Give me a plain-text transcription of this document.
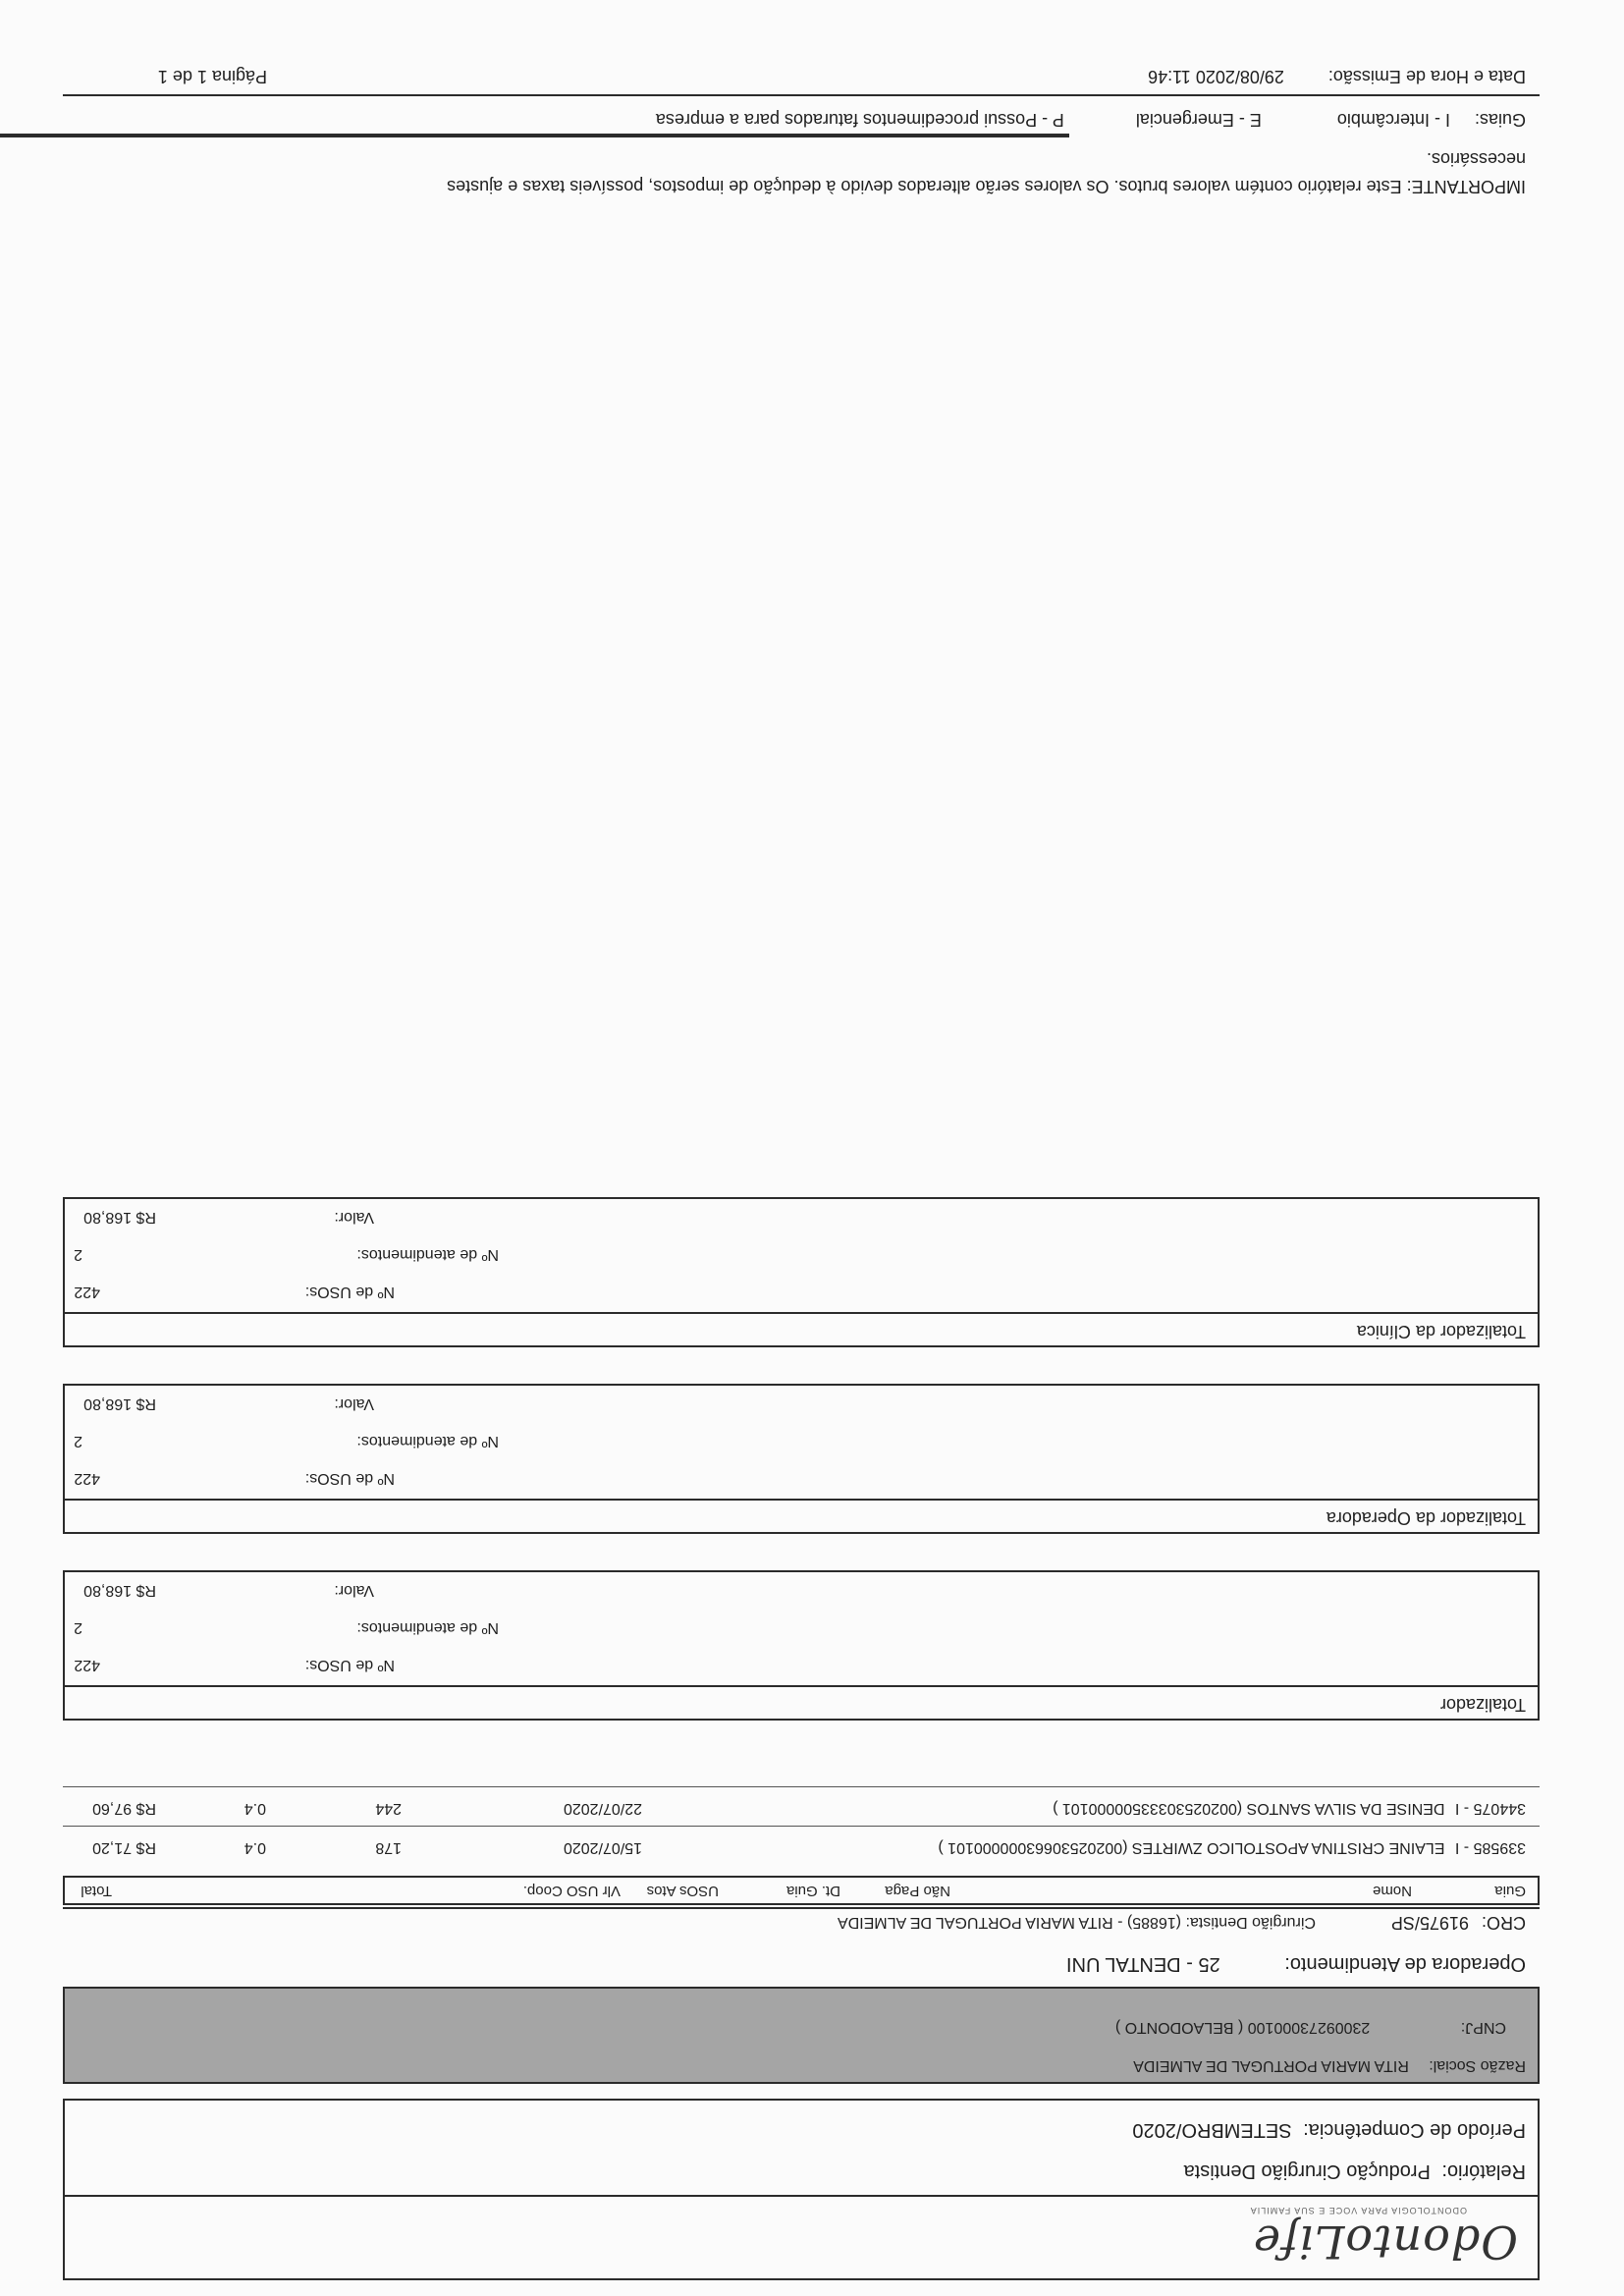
OdontoLife
ODONTOLOGIA PARA VOCE E SUA FAMILIA
Relatório: Produção Cirurgião Dentista
Período de Competência: SETEMBRO/2020
Razão Social: RITA MARIA PORTUGAL DE ALMEIDA
CNPJ: 23009273000100 ( BELAODONTO )
Operadora de Atendimento: 25 - DENTAL UNI
CRO: 91975/SP
Cirurgião Dentista: (16885) - RITA MARIA PORTUGAL DE ALMEIDA
Guia
Nome
Não Paga
Dt. Guia
USOs Atos
Vlr USO Coop.
Total
339585 - I ELAINE CRISTINA APOSTOLICO ZWIRTES (00202530663000000101 )
15/07/2020
178
0.4
R$ 71,20
344075 - I DENISE DA SILVA SANTOS (00202530333500000101 )
22/07/2020
244
0.4
R$ 97,60
Totalizador
Nº de USOs:
422
Nº de atendimentos:
2
Valor:
R$ 168,80
Totalizador da Operadora
Nº de USOs:
422
Nº de atendimentos:
2
Valor:
R$ 168,80
Totalizador da Clínica
Nº de USOs:
422
Nº de atendimentos:
2
Valor:
R$ 168,80
IMPORTANTE: Este relatório contém valores brutos. Os valores serão alterados devido à dedução de impostos, possíveis taxas e ajustes
necessários.
Guias: I - Intercâmbio E - Emergencial P - Possui procedimentos faturados para a empresa
Data e Hora de Emissão: 29/08/2020 11:46
Página 1 de 1
